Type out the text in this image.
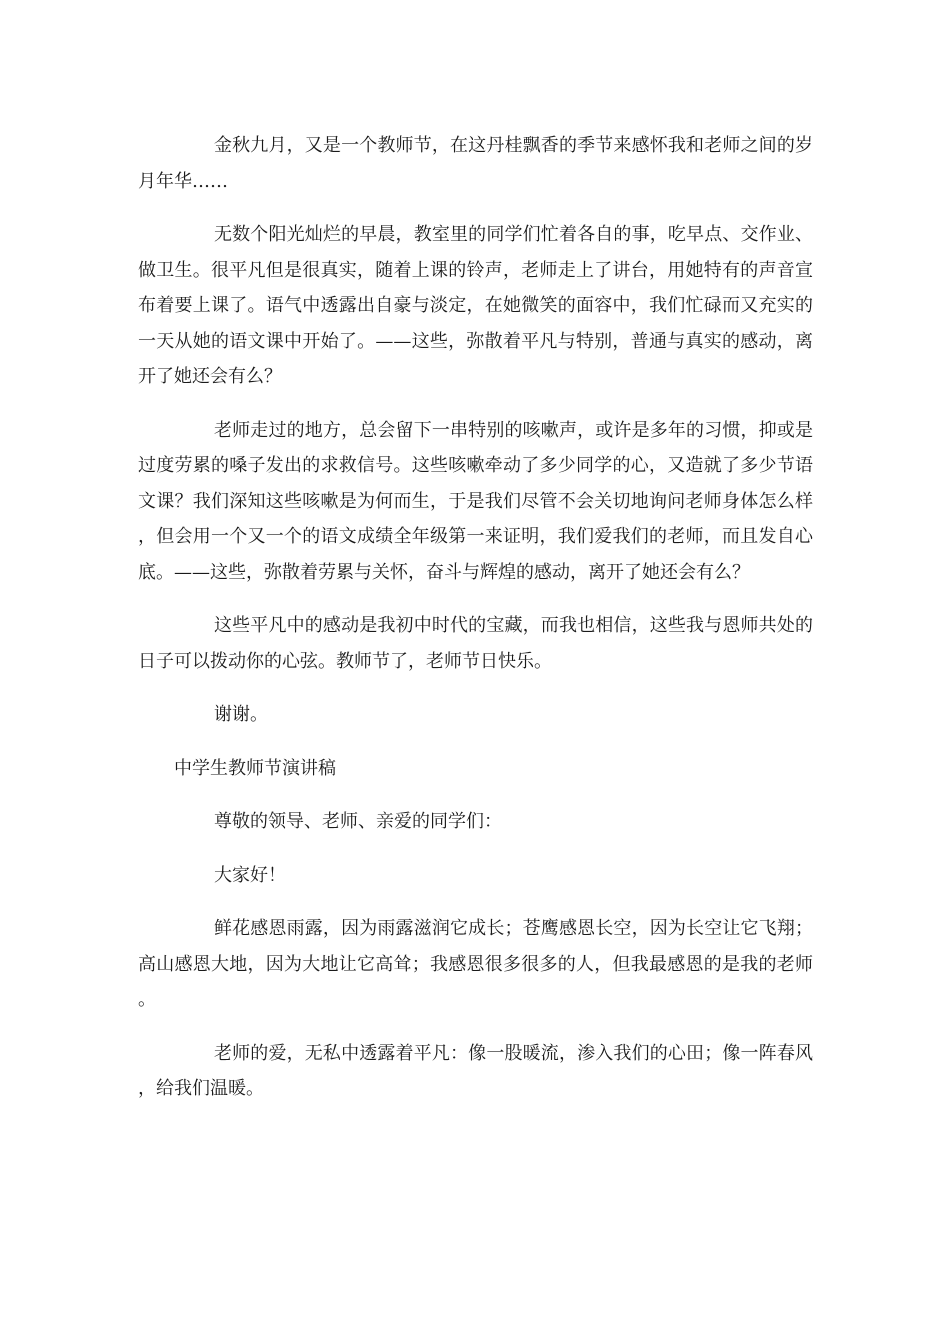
金秋九月，又是一个教师节，在这丹桂飘香的季节来感怀我和老师之间的岁月年华……

无数个阳光灿烂的早晨，教室里的同学们忙着各自的事，吃早点、交作业、做卫生。很平凡但是很真实，随着上课的铃声，老师走上了讲台，用她特有的声音宣布着要上课了。语气中透露出自豪与淡定，在她微笑的面容中，我们忙碌而又充实的一天从她的语文课中开始了。——这些，弥散着平凡与特别，普通与真实的感动，离开了她还会有么？

老师走过的地方，总会留下一串特别的咳嗽声，或许是多年的习惯，抑或是过度劳累的嗓子发出的求救信号。这些咳嗽牵动了多少同学的心，又造就了多少节语文课？我们深知这些咳嗽是为何而生，于是我们尽管不会关切地询问老师身体怎么样，但会用一个又一个的语文成绩全年级第一来证明，我们爱我们的老师，而且发自心底。——这些，弥散着劳累与关怀，奋斗与辉煌的感动，离开了她还会有么？

这些平凡中的感动是我初中时代的宝藏，而我也相信，这些我与恩师共处的日子可以拨动你的心弦。教师节了，老师节日快乐。

谢谢。

中学生教师节演讲稿

尊敬的领导、老师、亲爱的同学们：

大家好！

鲜花感恩雨露，因为雨露滋润它成长；苍鹰感恩长空，因为长空让它飞翔；高山感恩大地，因为大地让它高耸；我感恩很多很多的人，但我最感恩的是我的老师。

老师的爱，无私中透露着平凡：像一股暖流，渗入我们的心田；像一阵春风，给我们温暖。
